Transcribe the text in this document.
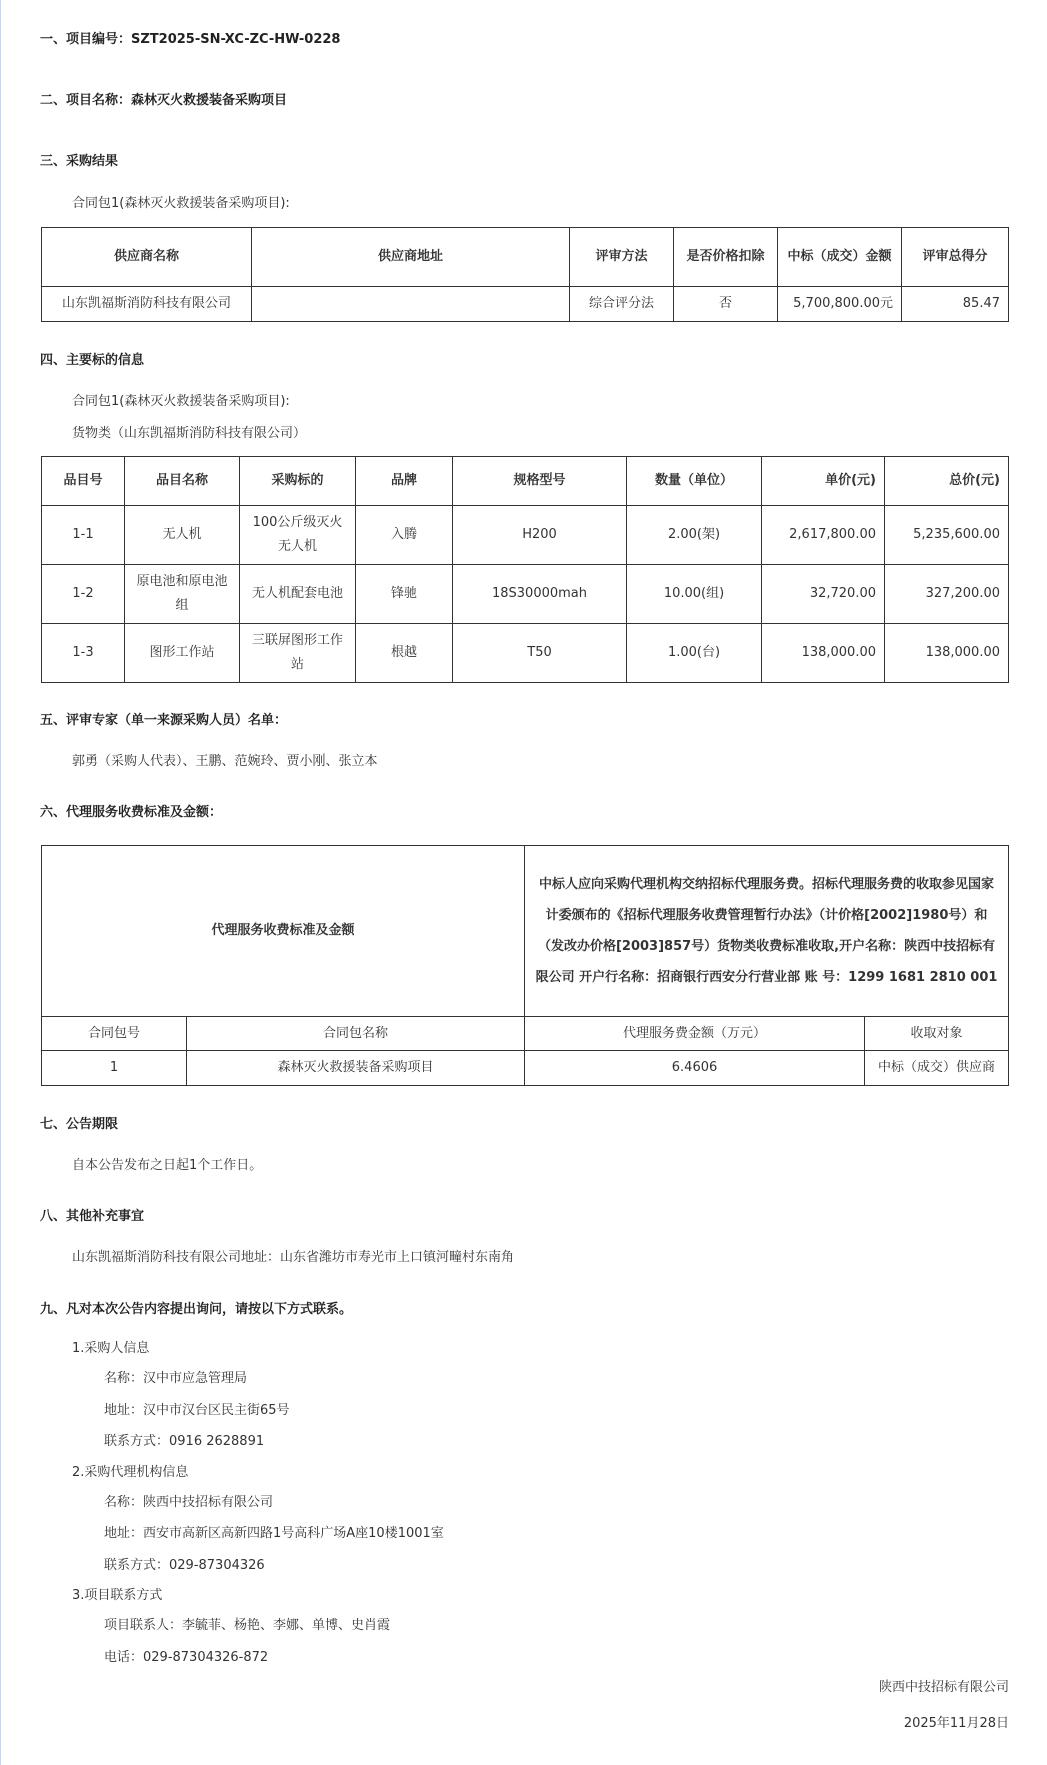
一、项目编号：SZT2025-SN-XC-ZC-HW-0228
二、项目名称：森林灭火救援装备采购项目
三、采购结果
合同包1(森林灭火救援装备采购项目):
供应商名称	供应商地址	评审方法	是否价格扣除	中标（成交）金额	评审总得分
山东凯福斯消防科技有限公司		综合评分法	否	5,700,800.00元	85.47
四、主要标的信息
合同包1(森林灭火救援装备采购项目):
货物类（山东凯福斯消防科技有限公司）
品目号	品目名称	采购标的	品牌	规格型号	数量（单位）	单价(元)	总价(元)
1-1	无人机	100公斤级灭火无人机	入腾	H200	2.00(架)	2,617,800.00	5,235,600.00
1-2	原电池和原电池组	无人机配套电池	锋驰	18S30000mah	10.00(组)	32,720.00	327,200.00
1-3	图形工作站	三联屏图形工作站	根越	T50	1.00(台)	138,000.00	138,000.00
五、评审专家（单一来源采购人员）名单：
郭勇（采购人代表）、王鹏、范婉玲、贾小刚、张立本
六、代理服务收费标准及金额：
代理服务收费标准及金额		中标人应向采购代理机构交纳招标代理服务费。招标代理服务费的收取参见国家计委颁布的《招标代理服务收费管理暂行办法》（计价格[2002]1980号）和（发改办价格[2003]857号）货物类收费标准收取,开户名称：陕西中技招标有限公司 开户行名称：招商银行西安分行营业部 账 号：1299 1681 2810 001	
合同包号	合同包名称	代理服务费金额（万元）	收取对象
1	森林灭火救援装备采购项目	6.4606	中标（成交）供应商
七、公告期限
自本公告发布之日起1个工作日。
八、其他补充事宜
山东凯福斯消防科技有限公司地址：山东省潍坊市寿光市上口镇河疃村东南角
九、凡对本次公告内容提出询问，请按以下方式联系。
1.采购人信息
名称：汉中市应急管理局
地址：汉中市汉台区民主街65号
联系方式：0916 2628891
2.采购代理机构信息
名称：陕西中技招标有限公司
地址：西安市高新区高新四路1号高科广场A座10楼1001室
联系方式：029-87304326
3.项目联系方式
项目联系人：李毓菲、杨艳、李娜、单博、史肖霞
电话：029-87304326-872
陕西中技招标有限公司
2025年11月28日
